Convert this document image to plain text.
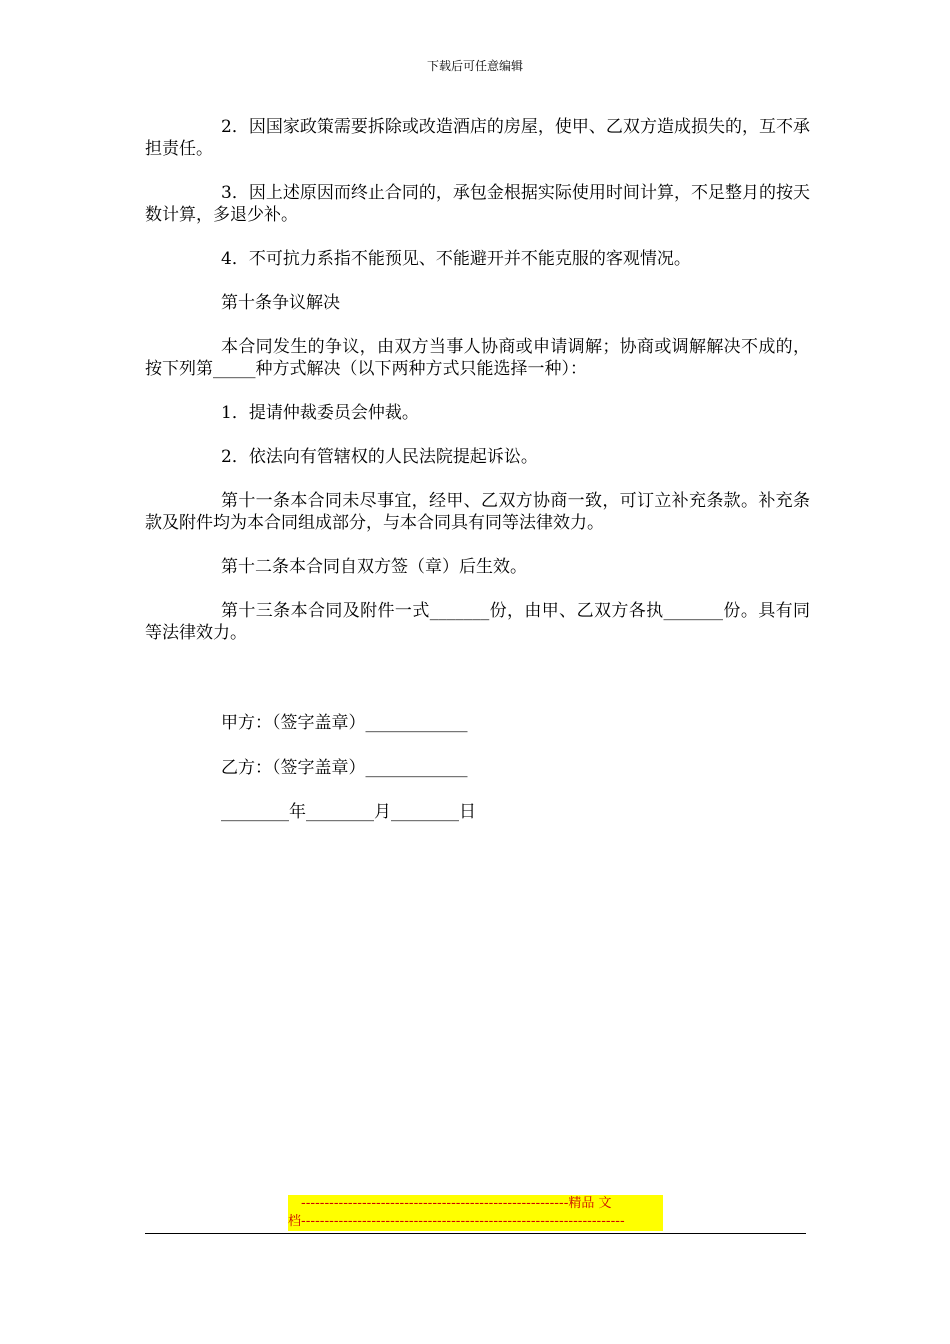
下载后可任意编辑

2．因国家政策需要拆除或改造酒店的房屋，使甲、乙双方造成损失的，互不承担责任。

3．因上述原因而终止合同的，承包金根据实际使用时间计算，不足整月的按天数计算，多退少补。

4．不可抗力系指不能预见、不能避开并不能克服的客观情况。

第十条争议解决

本合同发生的争议，由双方当事人协商或申请调解；协商或调解解决不成的，按下列第_____种方式解决（以下两种方式只能选择一种）：

1．提请仲裁委员会仲裁。

2．依法向有管辖权的人民法院提起诉讼。

第十一条本合同未尽事宜，经甲、乙双方协商一致，可订立补充条款。补充条款及附件均为本合同组成部分，与本合同具有同等法律效力。

第十二条本合同自双方签（章）后生效。

第十三条本合同及附件一式_______份，由甲、乙双方各执_______份。具有同等法律效力。

甲方：（签字盖章）____________
乙方：（签字盖章）____________
________年________月________日
---------------------------------------------------------精品 文
档---------------------------------------------------------------------
